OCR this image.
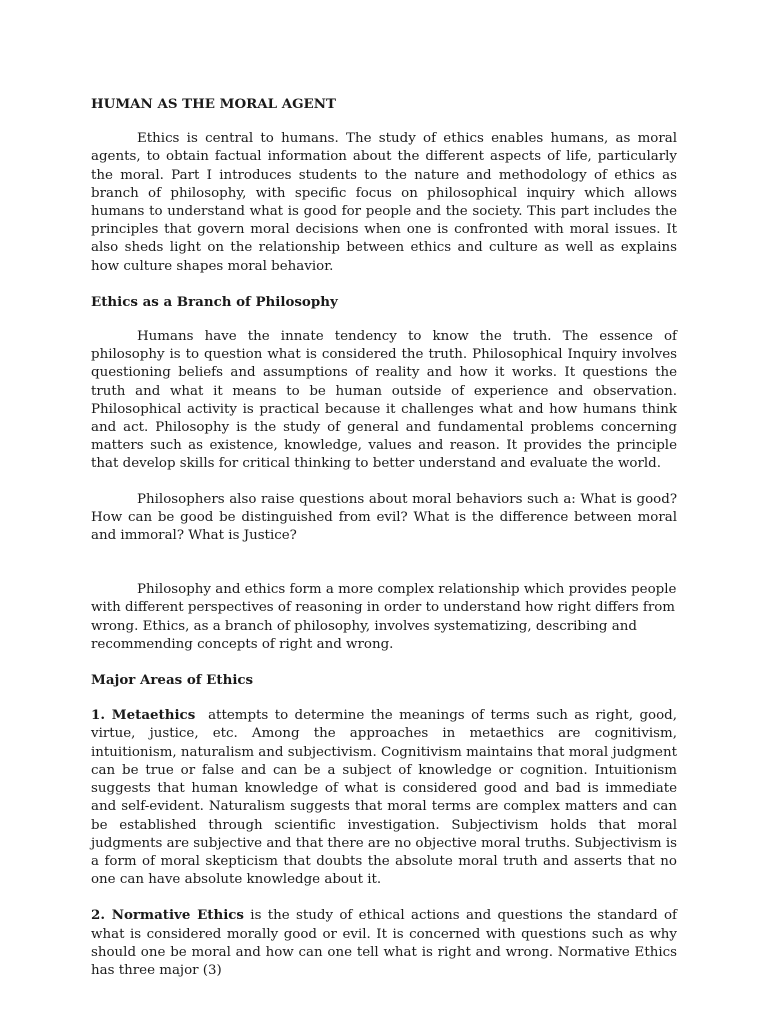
HUMAN AS THE MORAL AGENT

Ethics is central to humans. The study of ethics enables humans, as moral agents, to obtain factual information about the different aspects of life, particularly the moral. Part I introduces students to the nature and methodology of ethics as branch of philosophy, with specific focus on philosophical inquiry which allows humans to understand what is good for people and the society. This part includes the principles that govern moral decisions when one is confronted with moral issues. It also sheds light on the relationship between ethics and culture as well as explains how culture shapes moral behavior.

Ethics as a Branch of Philosophy

Humans have the innate tendency to know the truth. The essence of philosophy is to question what is considered the truth. Philosophical Inquiry involves questioning beliefs and assumptions of reality and how it works. It questions the truth and what it means to be human outside of experience and observation. Philosophical activity is practical because it challenges what and how humans think and act. Philosophy is the study of general and fundamental problems concerning matters such as existence, knowledge, values and reason. It provides the principle that develop skills for critical thinking to better understand and evaluate the world.

Philosophers also raise questions about moral behaviors such a: What is good? How can be good be distinguished from evil? What is the difference between moral and immoral? What is Justice?

Philosophy and ethics form a more complex relationship which provides people with different perspectives of reasoning in order to understand how right differs from wrong. Ethics, as a branch of philosophy, involves systematizing, describing and recommending concepts of right and wrong.

Major Areas of Ethics

1. Metaethics  attempts to determine the meanings of terms such as right, good, virtue, justice, etc. Among the approaches in metaethics are cognitivism, intuitionism, naturalism and subjectivism. Cognitivism maintains that moral judgment can be true or false and can be a subject of knowledge or cognition. Intuitionism suggests that human knowledge of what is considered good and bad is immediate and self-evident. Naturalism suggests that moral terms are complex matters and can be established through scientific investigation. Subjectivism holds that moral judgments are subjective and that there are no objective moral truths. Subjectivism is a form of moral skepticism that doubts the absolute moral truth and asserts that no one can have absolute knowledge about it.

2. Normative Ethics is the study of ethical actions and questions the standard of what is considered morally good or evil. It is concerned with questions such as why should one be moral and how can one tell what is right and wrong. Normative Ethics has three major (3)
